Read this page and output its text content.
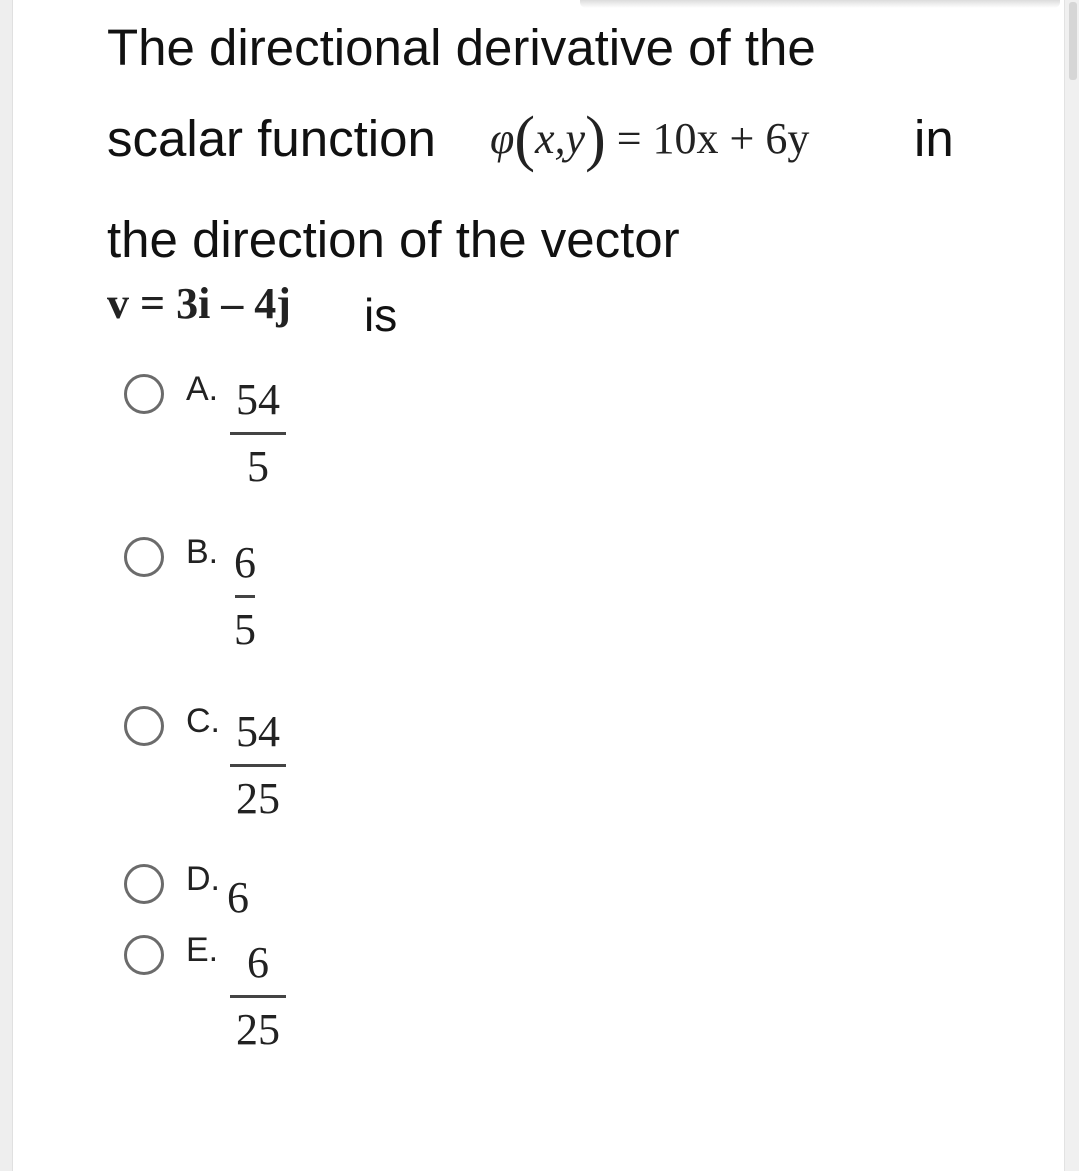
The directional derivative of the
scalar function φ(x,y) = 10x + 6y in
the direction of the vector
v = 3i – 4j is
A. 54
5
B. 6
5
C. 54
25
D. 6
E. 6
25
